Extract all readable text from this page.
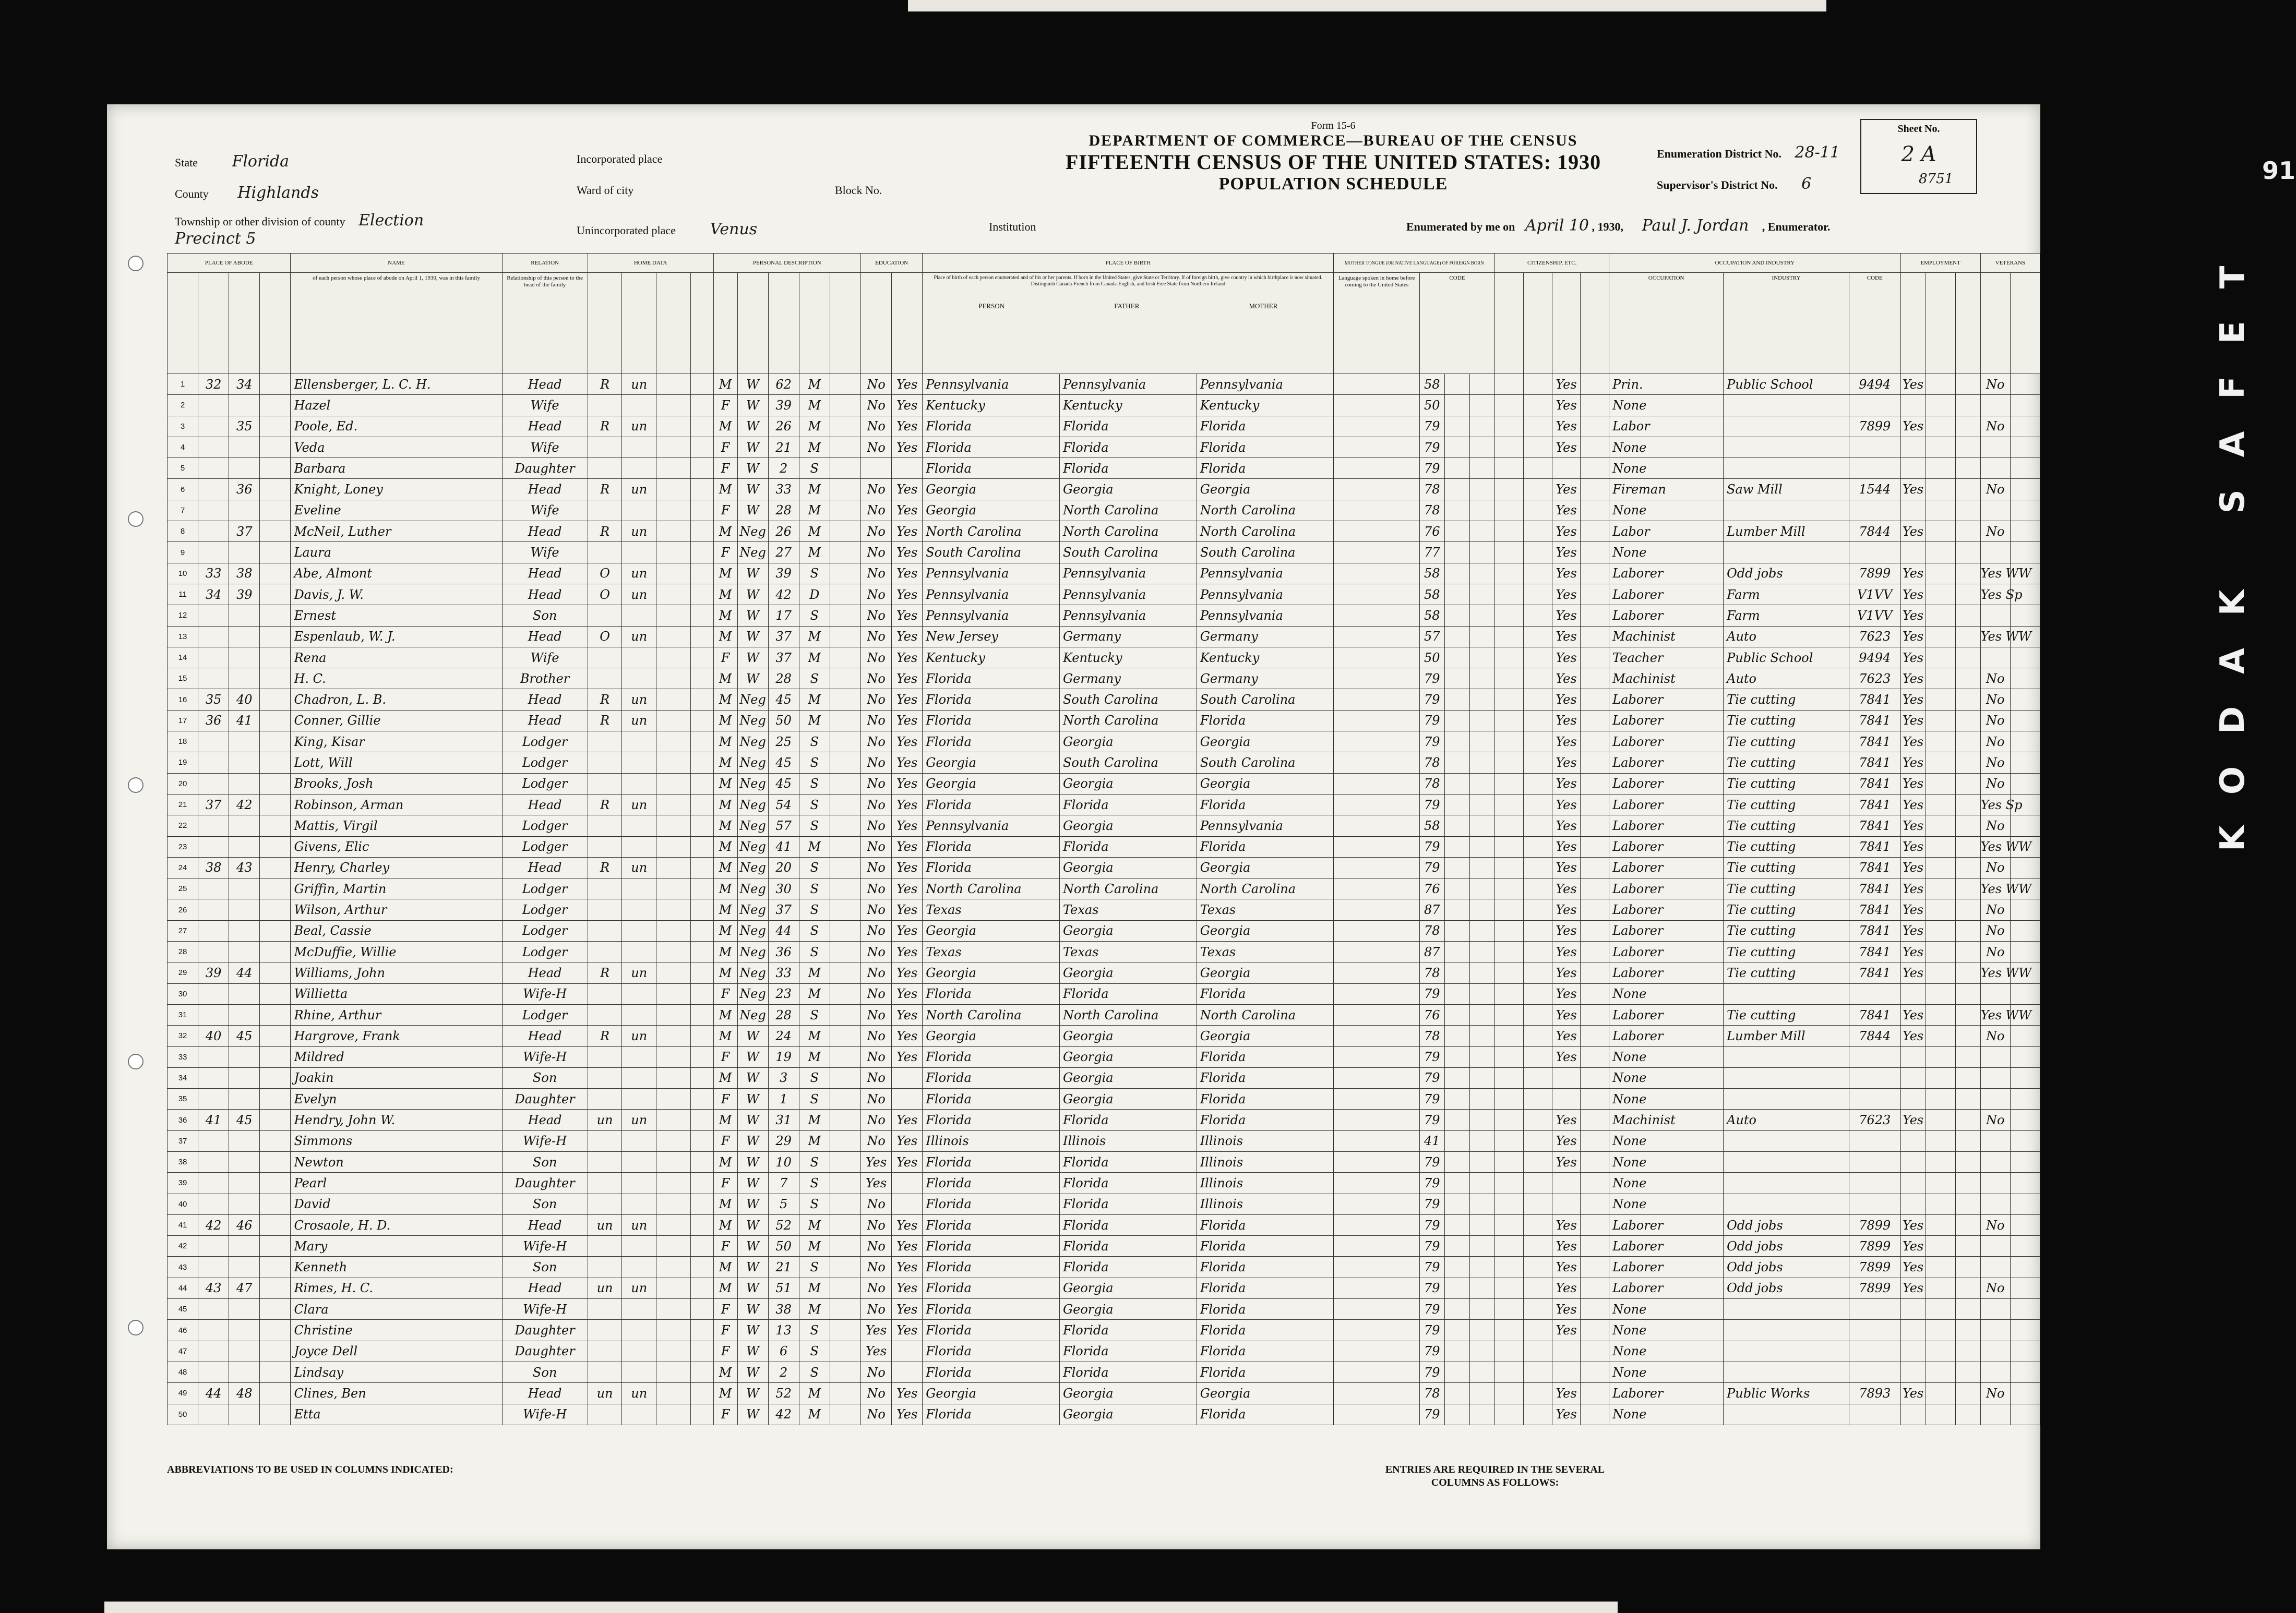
KODAK SAFET
91
Form 15-6
DEPARTMENT OF COMMERCE—BUREAU OF THE CENSUS
FIFTEENTH CENSUS OF THE UNITED STATES: 1930
POPULATION SCHEDULE
State Florida
County Highlands
Township or other division of county Election Precinct 5
Incorporated place
Ward of city	Block No.
Unincorporated place Venus	Institution
Enumeration District No. 28-11
Supervisor's District No. 6
Enumerated by me on April 10 , 1930, Paul J. Jordan , Enumerator.
Sheet No.
2 A
8751
PLACE OF ABODE				NAME	RELATION	HOME DATA				PERSONAL DESCRIPTION					EDUCATION		PLACE OF BIRTH			MOTHER TONGUE (OR NATIVE LANGUAGE) OF FOREIGN BORN				CITIZENSHIP, ETC.				OCCUPATION AND INDUSTRY			EMPLOYMENT			VETERANS	
				of each person whose place of abode on April 1, 1930, was in this family	Relationship of this person to the head of the family												Place of birth of each person enumerated and of his or her parents. If born in the United States, give State or Territory. If of foreign birth, give country in which birthplace is now situated. Distinguish Canada-French from Canada-English, and Irish Free State from Northern Ireland
PERSON FATHER MOTHER			Language spoken in home before coming to the United States	CODE							OCCUPATION	INDUSTRY	CODE					
1	32	34		Ellensberger, L. C. H.	Head	R	un			M	W	62	M		No	Yes	Pennsylvania	Pennsylvania	Pennsylvania		58					Yes		Prin.	Public School	9494	Yes			No	
2				Hazel	Wife					F	W	39	M		No	Yes	Kentucky	Kentucky	Kentucky		50					Yes		None							
3		35		Poole, Ed.	Head	R	un			M	W	26	M		No	Yes	Florida	Florida	Florida		79					Yes		Labor		7899	Yes			No	
4				Veda	Wife					F	W	21	M		No	Yes	Florida	Florida	Florida		79					Yes		None							
5				Barbara	Daughter					F	W	2	S				Florida	Florida	Florida		79							None							
6		36		Knight, Loney	Head	R	un			M	W	33	M		No	Yes	Georgia	Georgia	Georgia		78					Yes		Fireman	Saw Mill	1544	Yes			No	
7				Eveline	Wife					F	W	28	M		No	Yes	Georgia	North Carolina	North Carolina		78					Yes		None							
8		37		McNeil, Luther	Head	R	un			M	Neg	26	M		No	Yes	North Carolina	North Carolina	North Carolina		76					Yes		Labor	Lumber Mill	7844	Yes			No	
9				Laura	Wife					F	Neg	27	M		No	Yes	South Carolina	South Carolina	South Carolina		77					Yes		None							
10	33	38		Abe, Almont	Head	O	un			M	W	39	S		No	Yes	Pennsylvania	Pennsylvania	Pennsylvania		58					Yes		Laborer	Odd jobs	7899	Yes			Yes WW	
11	34	39		Davis, J. W.	Head	O	un			M	W	42	D		No	Yes	Pennsylvania	Pennsylvania	Pennsylvania		58					Yes		Laborer	Farm	V1VV	Yes			Yes Sp	
12				Ernest	Son					M	W	17	S		No	Yes	Pennsylvania	Pennsylvania	Pennsylvania		58					Yes		Laborer	Farm	V1VV	Yes				
13				Espenlaub, W. J.	Head	O	un			M	W	37	M		No	Yes	New Jersey	Germany	Germany		57					Yes		Machinist	Auto	7623	Yes			Yes WW	
14				Rena	Wife					F	W	37	M		No	Yes	Kentucky	Kentucky	Kentucky		50					Yes		Teacher	Public School	9494	Yes				
15				H. C.	Brother					M	W	28	S		No	Yes	Florida	Germany	Germany		79					Yes		Machinist	Auto	7623	Yes			No	
16	35	40		Chadron, L. B.	Head	R	un			M	Neg	45	M		No	Yes	Florida	South Carolina	South Carolina		79					Yes		Laborer	Tie cutting	7841	Yes			No	
17	36	41		Conner, Gillie	Head	R	un			M	Neg	50	M		No	Yes	Florida	North Carolina	Florida		79					Yes		Laborer	Tie cutting	7841	Yes			No	
18				King, Kisar	Lodger					M	Neg	25	S		No	Yes	Florida	Georgia	Georgia		79					Yes		Laborer	Tie cutting	7841	Yes			No	
19				Lott, Will	Lodger					M	Neg	45	S		No	Yes	Georgia	South Carolina	South Carolina		78					Yes		Laborer	Tie cutting	7841	Yes			No	
20				Brooks, Josh	Lodger					M	Neg	45	S		No	Yes	Georgia	Georgia	Georgia		78					Yes		Laborer	Tie cutting	7841	Yes			No	
21	37	42		Robinson, Arman	Head	R	un			M	Neg	54	S		No	Yes	Florida	Florida	Florida		79					Yes		Laborer	Tie cutting	7841	Yes			Yes Sp	
22				Mattis, Virgil	Lodger					M	Neg	57	S		No	Yes	Pennsylvania	Georgia	Pennsylvania		58					Yes		Laborer	Tie cutting	7841	Yes			No	
23				Givens, Elic	Lodger					M	Neg	41	M		No	Yes	Florida	Florida	Florida		79					Yes		Laborer	Tie cutting	7841	Yes			Yes WW	
24	38	43		Henry, Charley	Head	R	un			M	Neg	20	S		No	Yes	Florida	Georgia	Georgia		79					Yes		Laborer	Tie cutting	7841	Yes			No	
25				Griffin, Martin	Lodger					M	Neg	30	S		No	Yes	North Carolina	North Carolina	North Carolina		76					Yes		Laborer	Tie cutting	7841	Yes			Yes WW	
26				Wilson, Arthur	Lodger					M	Neg	37	S		No	Yes	Texas	Texas	Texas		87					Yes		Laborer	Tie cutting	7841	Yes			No	
27				Beal, Cassie	Lodger					M	Neg	44	S		No	Yes	Georgia	Georgia	Georgia		78					Yes		Laborer	Tie cutting	7841	Yes			No	
28				McDuffie, Willie	Lodger					M	Neg	36	S		No	Yes	Texas	Texas	Texas		87					Yes		Laborer	Tie cutting	7841	Yes			No	
29	39	44		Williams, John	Head	R	un			M	Neg	33	M		No	Yes	Georgia	Georgia	Georgia		78					Yes		Laborer	Tie cutting	7841	Yes			Yes WW	
30				Willietta	Wife-H					F	Neg	23	M		No	Yes	Florida	Florida	Florida		79					Yes		None							
31				Rhine, Arthur	Lodger					M	Neg	28	S		No	Yes	North Carolina	North Carolina	North Carolina		76					Yes		Laborer	Tie cutting	7841	Yes			Yes WW	
32	40	45		Hargrove, Frank	Head	R	un			M	W	24	M		No	Yes	Georgia	Georgia	Georgia		78					Yes		Laborer	Lumber Mill	7844	Yes			No	
33				Mildred	Wife-H					F	W	19	M		No	Yes	Florida	Georgia	Florida		79					Yes		None							
34				Joakin	Son					M	W	3	S		No		Florida	Georgia	Florida		79							None							
35				Evelyn	Daughter					F	W	1	S		No		Florida	Georgia	Florida		79							None							
36	41	45		Hendry, John W.	Head	un	un			M	W	31	M		No	Yes	Florida	Florida	Florida		79					Yes		Machinist	Auto	7623	Yes			No	
37				Simmons	Wife-H					F	W	29	M		No	Yes	Illinois	Illinois	Illinois		41					Yes		None							
38				Newton	Son					M	W	10	S		Yes	Yes	Florida	Florida	Illinois		79					Yes		None							
39				Pearl	Daughter					F	W	7	S		Yes		Florida	Florida	Illinois		79							None							
40				David	Son					M	W	5	S		No		Florida	Florida	Illinois		79							None							
41	42	46		Crosaole, H. D.	Head	un	un			M	W	52	M		No	Yes	Florida	Florida	Florida		79					Yes		Laborer	Odd jobs	7899	Yes			No	
42				Mary	Wife-H					F	W	50	M		No	Yes	Florida	Florida	Florida		79					Yes		Laborer	Odd jobs	7899	Yes				
43				Kenneth	Son					M	W	21	S		No	Yes	Florida	Florida	Florida		79					Yes		Laborer	Odd jobs	7899	Yes				
44	43	47		Rimes, H. C.	Head	un	un			M	W	51	M		No	Yes	Florida	Georgia	Florida		79					Yes		Laborer	Odd jobs	7899	Yes			No	
45				Clara	Wife-H					F	W	38	M		No	Yes	Florida	Georgia	Florida		79					Yes		None							
46				Christine	Daughter					F	W	13	S		Yes	Yes	Florida	Florida	Florida		79					Yes		None							
47				Joyce Dell	Daughter					F	W	6	S		Yes		Florida	Florida	Florida		79							None							
48				Lindsay	Son					M	W	2	S		No		Florida	Florida	Florida		79							None							
49	44	48		Clines, Ben	Head	un	un			M	W	52	M		No	Yes	Georgia	Georgia	Georgia		78					Yes		Laborer	Public Works	7893	Yes			No	
50				Etta	Wife-H					F	W	42	M		No	Yes	Florida	Georgia	Florida		79					Yes		None							
ABBREVIATIONS TO BE USED IN COLUMNS INDICATED:	ENTRIES ARE REQUIRED IN THE SEVERAL COLUMNS AS FOLLOWS:
